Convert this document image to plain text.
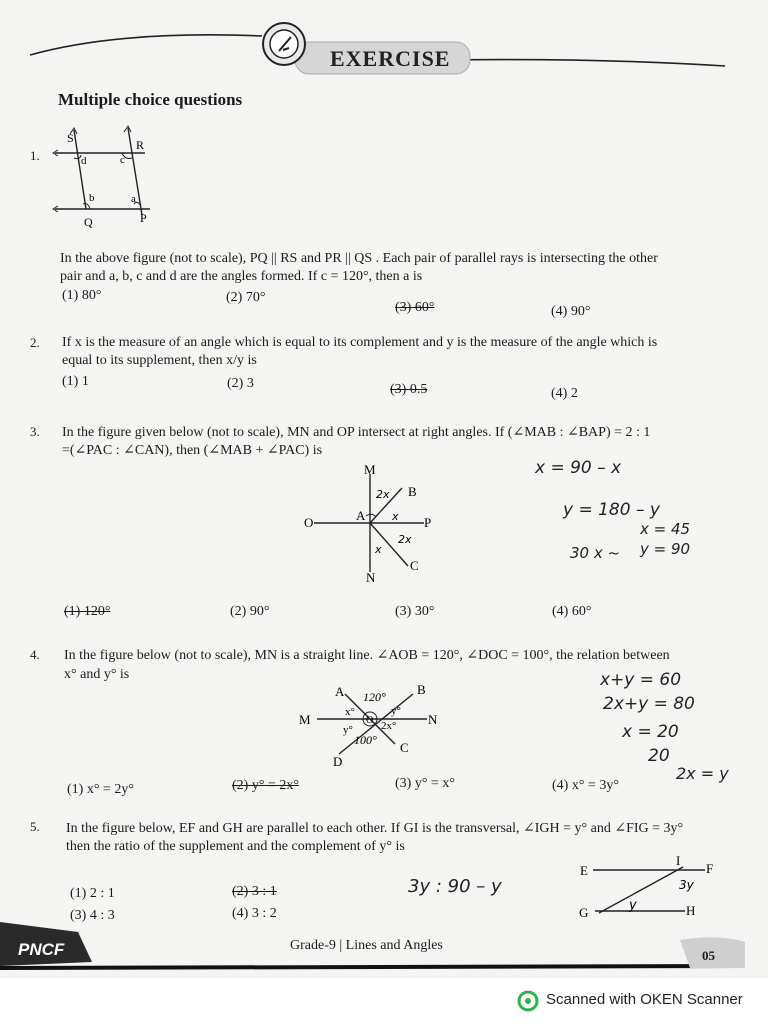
EXERCISE
Multiple choice questions
1.
S	R
Q	P
d	c
b	a
In the above figure (not to scale), PQ || RS and PR || QS . Each pair of parallel rays is intersecting the other
pair and a, b, c and d are the angles formed. If c = 120°, then a is
(1) 80°	(2) 70°
(3) 60°	(4) 90°
2. If x is the measure of an angle which is equal to its complement and y is the measure of the angle which is
equal to its supplement, then x/y is
(1) 1	(2) 3	(3) 0.5	(4) 2
3. In the figure given below (not to scale), MN and OP intersect at right angles. If (∠MAB : ∠BAP) = 2 : 1
=(∠PAC : ∠CAN), then (∠MAB + ∠PAC) is
M
N
O	P
A
B
C
2x
x
2x
x
x = 90 – x
y = 180 – y
x = 45
y = 90
30 x ~
(1) 120°	(2) 90°	(3) 30°	(4) 60°
4. In the figure below (not to scale), MN is a straight line. ∠AOB = 120°, ∠DOC = 100°, the relation between
x° and y° is
M	N
A	B
C
D
O
120°
100°
x°	y°
y°	2x°
x+y = 60
2x+y = 80
x = 20
20
2x = y
(1) x° = 2y°	(2) y° = 2x°	(3) y° = x°	(4) x° = 3y°
5. In the figure below, EF and GH are parallel to each other. If GI is the transversal, ∠IGH = y° and ∠FIG = 3y°
then the ratio of the supplement and the complement of y° is
(1) 2 : 1	(2) 3 : 1
(3) 4 : 3	(4) 3 : 2
3y : 90 – y
E	F
G	H
I
3y
y
PNCF	Grade-9 | Lines and Angles
05
Scanned with OKEN Scanner
